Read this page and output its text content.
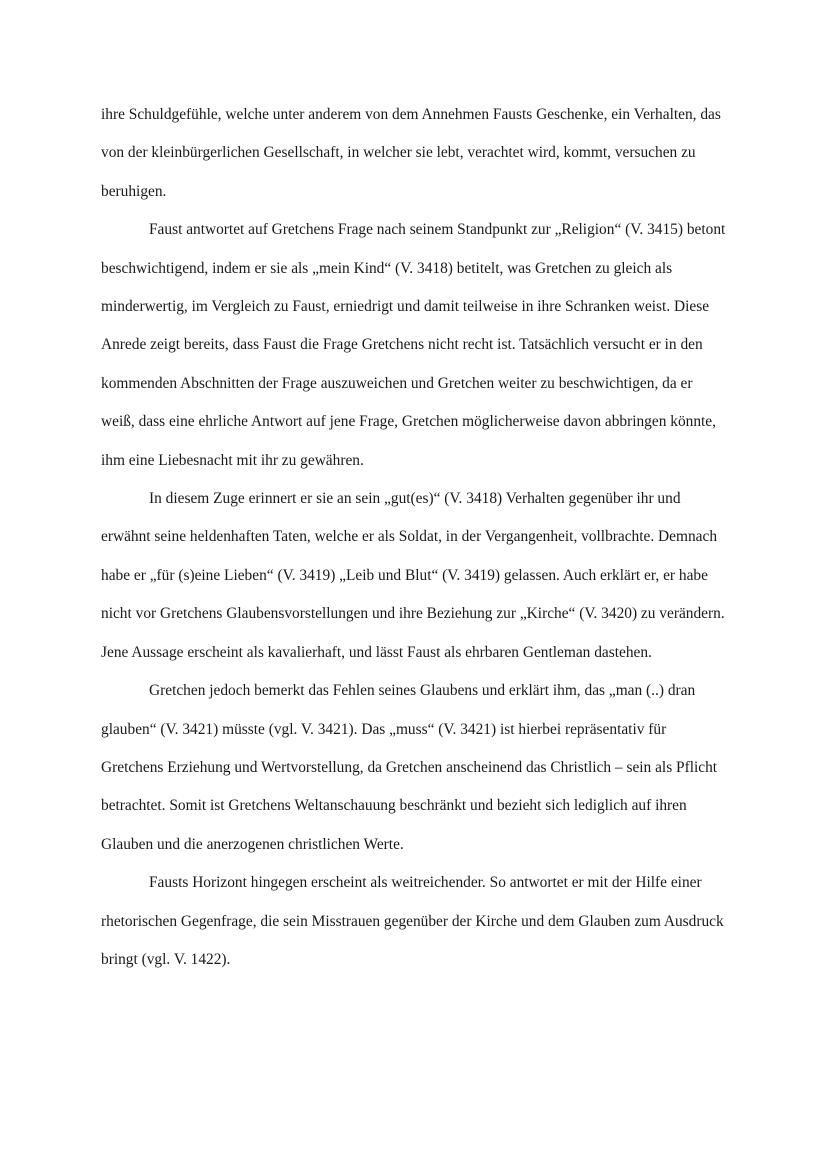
ihre Schuldgefühle, welche unter anderem von dem Annehmen Fausts Geschenke, ein Verhalten, das von der kleinbürgerlichen Gesellschaft, in welcher sie lebt, verachtet wird, kommt, versuchen zu beruhigen.

Faust antwortet auf Gretchens Frage nach seinem Standpunkt zur „Religion“ (V. 3415) betont beschwichtigend, indem er sie als „mein Kind“ (V. 3418) betitelt, was Gretchen zu gleich als minderwertig, im Vergleich zu Faust, erniedrigt und damit teilweise in ihre Schranken weist. Diese Anrede zeigt bereits, dass Faust die Frage Gretchens nicht recht ist. Tatsächlich versucht er in den kommenden Abschnitten der Frage auszuweichen und Gretchen weiter zu beschwichtigen, da er weiß, dass eine ehrliche Antwort auf jene Frage, Gretchen möglicherweise davon abbringen könnte, ihm eine Liebesnacht mit ihr zu gewähren.

In diesem Zuge erinnert er sie an sein „gut(es)“ (V. 3418) Verhalten gegenüber ihr und erwähnt seine heldenhaften Taten, welche er als Soldat, in der Vergangenheit, vollbrachte. Demnach habe er „für (s)eine Lieben“ (V. 3419) „Leib und Blut“ (V. 3419) gelassen. Auch erklärt er, er habe nicht vor Gretchens Glaubensvorstellungen und ihre Beziehung zur „Kirche“ (V. 3420) zu verändern. Jene Aussage erscheint als kavalierhaft, und lässt Faust als ehrbaren Gentleman dastehen.

Gretchen jedoch bemerkt das Fehlen seines Glaubens und erklärt ihm, das „man (..) dran glauben“ (V. 3421) müsste (vgl. V. 3421). Das „muss“ (V. 3421) ist hierbei repräsentativ für Gretchens Erziehung und Wertvorstellung, da Gretchen anscheinend das Christlich – sein als Pflicht betrachtet. Somit ist Gretchens Weltanschauung beschränkt und bezieht sich lediglich auf ihren Glauben und die anerzogenen christlichen Werte.

Fausts Horizont hingegen erscheint als weitreichender. So antwortet er mit der Hilfe einer rhetorischen Gegenfrage, die sein Misstrauen gegenüber der Kirche und dem Glauben zum Ausdruck bringt (vgl. V. 1422).
